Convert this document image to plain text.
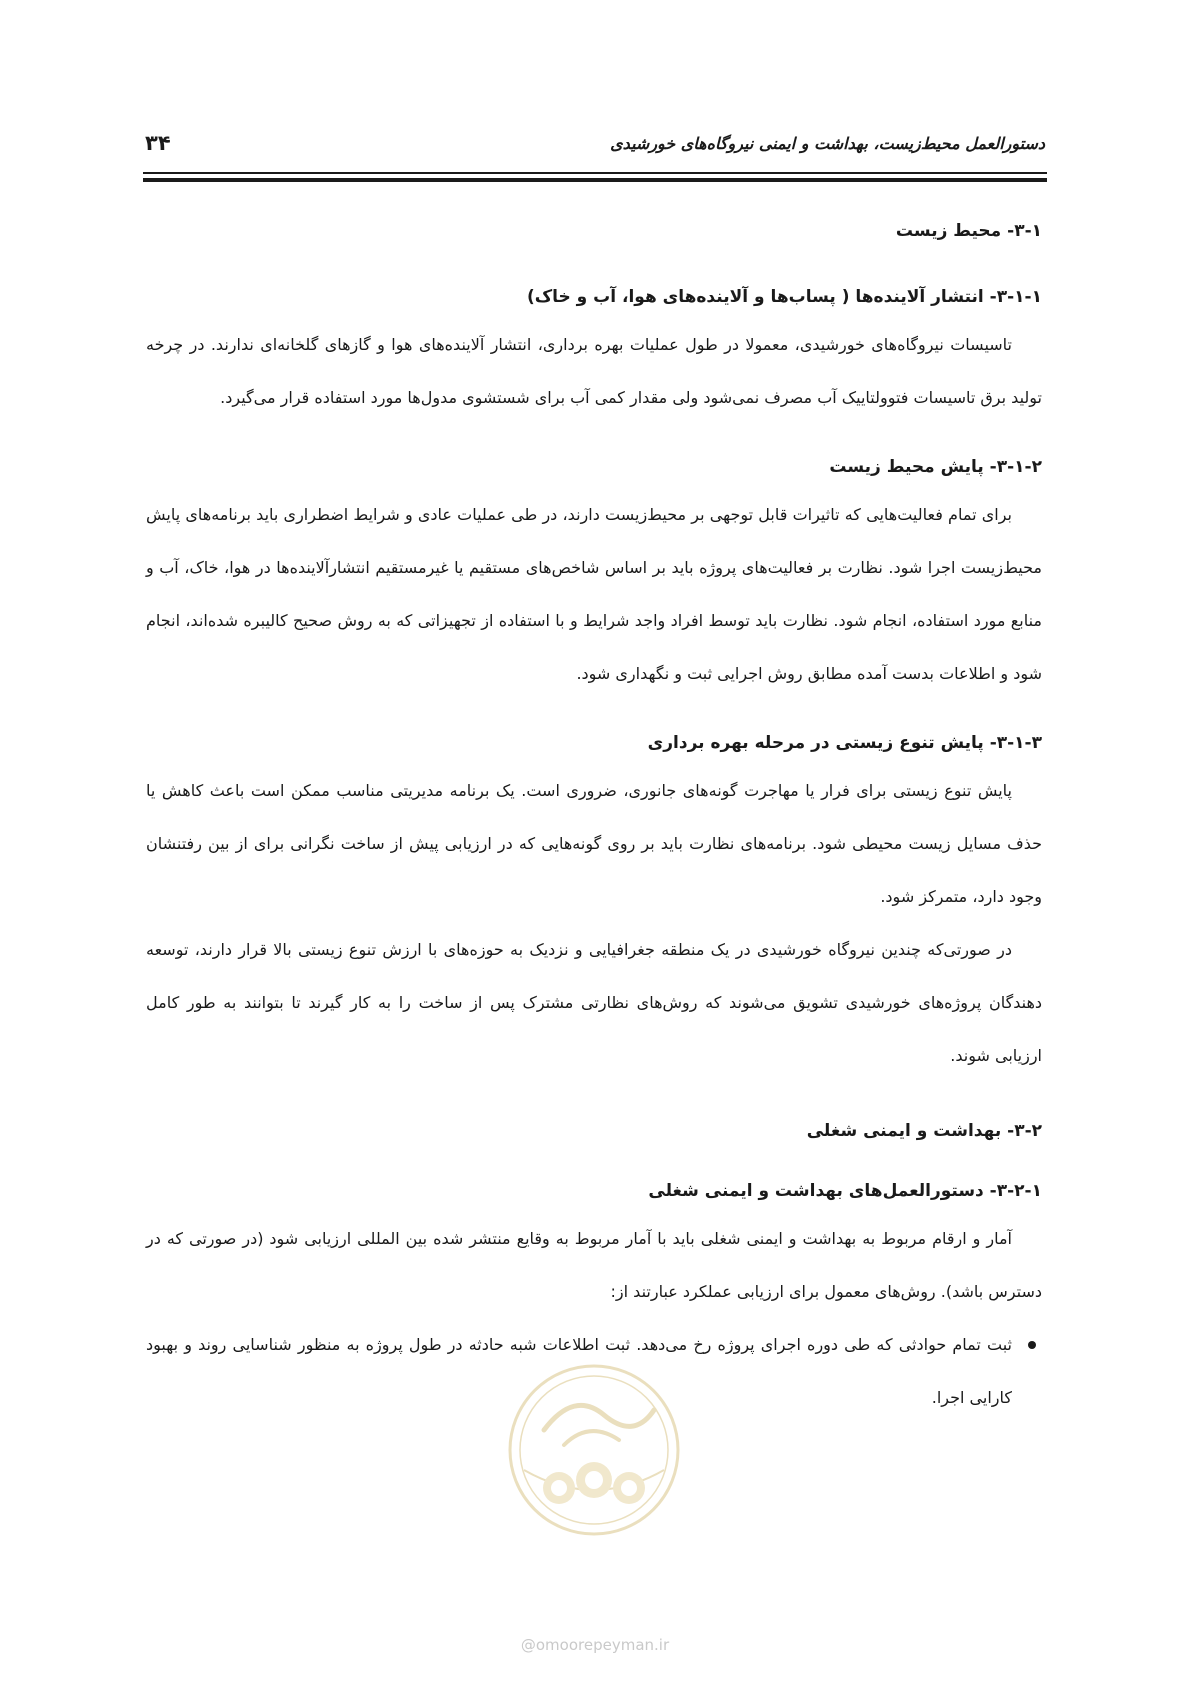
دستورالعمل محیط‌زیست، بهداشت و ایمنی نیروگاه‌های خورشیدی
۳۴
۳-۱- محیط زیست
۳-۱-۱- انتشار آلاینده‌ها ( پساب‌ها و آلاینده‌های هوا، آب و خاک)

تاسیسات نیروگاه‌های خورشیدی، معمولا در طول عملیات بهره برداری، انتشار آلاینده‌های هوا و گازهای گلخانه‌ای ندارند. در چرخه تولید برق تاسیسات فتوولتاییک آب مصرف نمی‌شود ولی مقدار کمی آب برای شستشوی مدول‌ها مورد استفاده قرار می‌گیرد.

۳-۱-۲- پایش محیط زیست

برای تمام فعالیت‌هایی که تاثیرات قابل توجهی بر محیط‌زیست دارند، در طی عملیات عادی و شرایط اضطراری باید برنامه‌های پایش محیط‌زیست اجرا شود. نظارت بر فعالیت‌های پروژه باید بر اساس شاخص‌های مستقیم یا غیرمستقیم انتشارآلاینده‌ها در هوا، خاک، آب و منابع مورد استفاده، انجام شود. نظارت باید توسط افراد واجد شرایط و با استفاده از تجهیزاتی که به روش صحیح کالیبره شده‌اند، انجام شود و اطلاعات بدست آمده مطابق روش اجرایی ثبت و نگهداری شود.

۳-۱-۳- پایش تنوع زیستی در مرحله بهره برداری

پایش تنوع زیستی برای فرار یا مهاجرت گونه‌های جانوری، ضروری است. یک برنامه مدیریتی مناسب ممکن است باعث کاهش یا حذف مسایل زیست محیطی شود. برنامه‌های نظارت باید بر روی گونه‌هایی که در ارزیابی پیش از ساخت نگرانی برای از بین رفتنشان وجود دارد، متمرکز شود.

در صورتی‌که چندین نیروگاه خورشیدی در یک منطقه جغرافیایی و نزدیک به حوزه‌های با ارزش تنوع زیستی بالا قرار دارند، توسعه دهندگان پروژه‌های خورشیدی تشویق می‌شوند که روش‌های نظارتی مشترک پس از ساخت را به کار گیرند تا بتوانند به طور کامل ارزیابی شوند.

۳-۲- بهداشت و ایمنی شغلی
۳-۲-۱- دستورالعمل‌های بهداشت و ایمنی شغلی

آمار و ارقام مربوط به بهداشت و ایمنی شغلی باید با آمار مربوط به وقایع منتشر شده بین المللی ارزیابی شود (در صورتی که در دسترس باشد). روش‌های معمول برای ارزیابی عملکرد عبارتند از:

ثبت تمام حوادثی که طی دوره اجرای پروژه رخ می‌دهد. ثبت اطلاعات شبه حادثه در طول پروژه به منظور شناسایی روند و بهبود کارایی اجرا.
@omoorepeyman.ir
